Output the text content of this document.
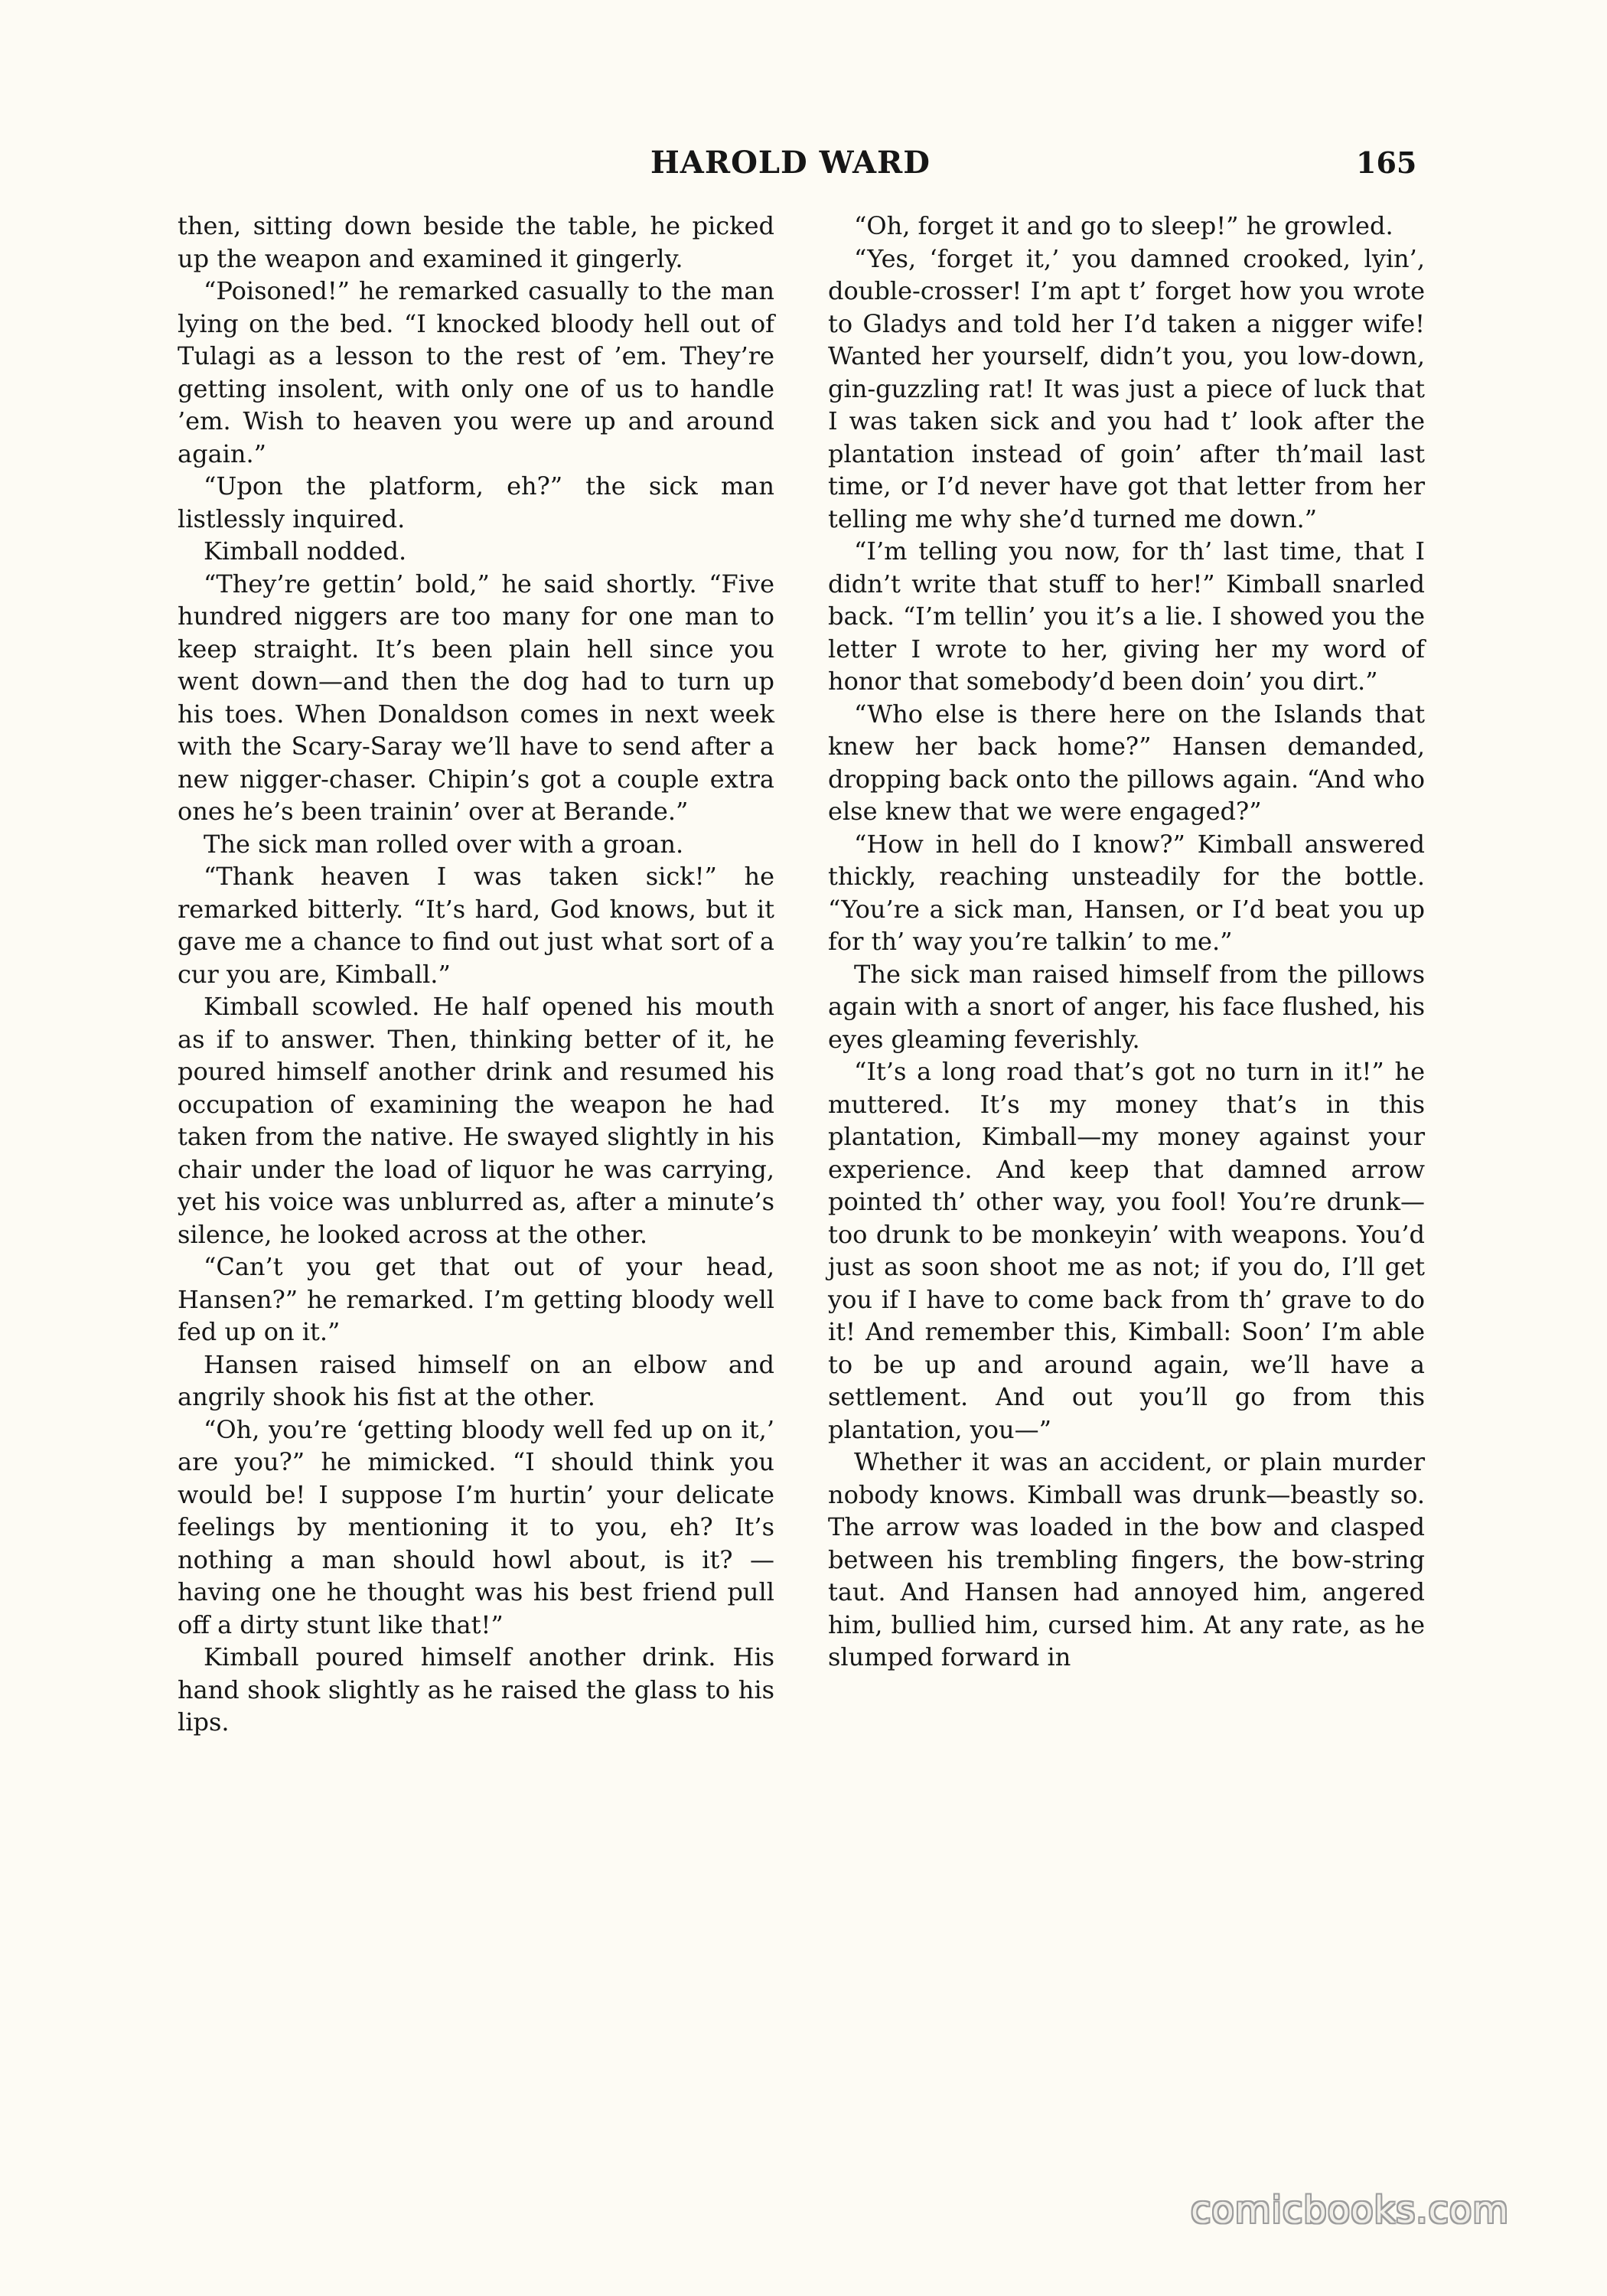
HAROLD WARD	165

then, sitting down beside the table, he picked up the weapon and examined it gingerly.

“Poisoned!” he remarked casually to the man lying on the bed. “I knocked bloody hell out of Tulagi as a lesson to the rest of ’em. They’re getting insolent, with only one of us to handle ’em. Wish to heaven you were up and around again.”

“Upon the platform, eh?” the sick man listlessly inquired.

Kimball nodded.

“They’re gettin’ bold,” he said shortly. “Five hundred niggers are too many for one man to keep straight. It’s been plain hell since you went down—and then the dog had to turn up his toes. When Donaldson comes in next week with the Scary-Saray we’ll have to send after a new nigger-chaser. Chipin’s got a couple extra ones he’s been trainin’ over at Berande.”

The sick man rolled over with a groan.

“Thank heaven I was taken sick!” he remarked bitterly. “It’s hard, God knows, but it gave me a chance to find out just what sort of a cur you are, Kimball.”

Kimball scowled. He half opened his mouth as if to answer. Then, thinking better of it, he poured himself another drink and resumed his occupation of examining the weapon he had taken from the native. He swayed slightly in his chair under the load of liquor he was carrying, yet his voice was unblurred as, after a minute’s silence, he looked across at the other.

“Can’t you get that out of your head, Hansen?” he remarked. I’m getting bloody well fed up on it.”

Hansen raised himself on an elbow and angrily shook his fist at the other.

“Oh, you’re ‘getting bloody well fed up on it,’ are you?” he mimicked. “I should think you would be! I suppose I’m hurtin’ your delicate feelings by mentioning it to you, eh? It’s nothing a man should howl about, is it? —having one he thought was his best friend pull off a dirty stunt like that!”

Kimball poured himself another drink. His hand shook slightly as he raised the glass to his lips.

“Oh, forget it and go to sleep!” he growled.

“Yes, ‘forget it,’ you damned crooked, lyin’, double-crosser! I’m apt t’ forget how you wrote to Gladys and told her I’d taken a nigger wife! Wanted her yourself, didn’t you, you low-down, gin-guzzling rat! It was just a piece of luck that I was taken sick and you had t’ look after the plantation instead of goin’ after th’mail last time, or I’d never have got that letter from her telling me why she’d turned me down.”

“I’m telling you now, for th’ last time, that I didn’t write that stuff to her!” Kimball snarled back. “I’m tellin’ you it’s a lie. I showed you the letter I wrote to her, giving her my word of honor that somebody’d been doin’ you dirt.”

“Who else is there here on the Islands that knew her back home?” Hansen demanded, dropping back onto the pillows again. “And who else knew that we were engaged?”

“How in hell do I know?” Kimball answered thickly, reaching unsteadily for the bottle. “You’re a sick man, Hansen, or I’d beat you up for th’ way you’re talkin’ to me.”

The sick man raised himself from the pillows again with a snort of anger, his face flushed, his eyes gleaming feverishly.

“It’s a long road that’s got no turn in it!” he muttered. It’s my money that’s in this plantation, Kimball—my money against your experience. And keep that damned arrow pointed th’ other way, you fool! You’re drunk—too drunk to be monkeyin’ with weapons. You’d just as soon shoot me as not; if you do, I’ll get you if I have to come back from th’ grave to do it! And remember this, Kimball: Soon’ I’m able to be up and around again, we’ll have a settlement. And out you’ll go from this plantation, you—”

Whether it was an accident, or plain murder nobody knows. Kimball was drunk—beastly so. The arrow was loaded in the bow and clasped between his trembling fingers, the bow-string taut. And Hansen had annoyed him, angered him, bullied him, cursed him. At any rate, as he slumped forward in

comicbooks.com
